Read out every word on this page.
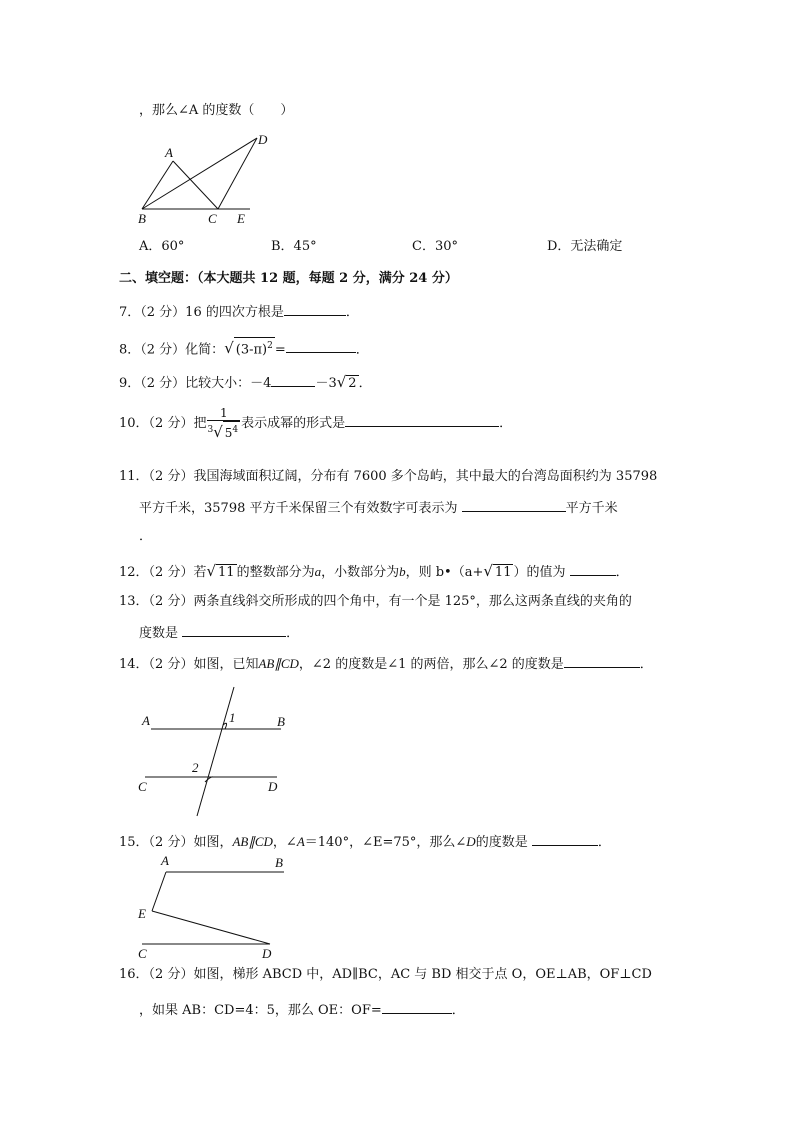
，那么∠A 的度数（　　）
A
D
B	C E
A．60°	B．45°	C．30°	D．无法确定
二、填空题：（本大题共 12 题，每题 2 分，满分 24 分）
7．（2 分）16 的四次方根是	．
8．（2 分）化简：√ $(3-\pi)^2$ =	．
9．（2 分）比较大小：－4	－3√ 2 ．
10．（2 分）把 $\frac{1}{^3√ 5^4}$ 表示成幂的形式是	．
11．（2 分）我国海域面积辽阔，分布有 7600 多个岛屿，其中最大的台湾岛面积约为 35798
平方千米，35798 平方千米保留三个有效数字可表示为	平方千米
．
12．（2 分）若√ 11 的整数部分为a，小数部分为b，则 b•（a+√ 11 ）的值为	．
13．（2 分）两条直线斜交所形成的四个角中，有一个是 125°，那么这两条直线的夹角的
度数是	．
14．（2 分）如图，已知AB∥CD，∠2 的度数是∠1 的两倍，那么∠2 的度数是	．
A	B
1
2
C	D
15．（2 分）如图，AB∥CD，∠A＝140°，∠E=75°，那么∠D的度数是	．
A	B
E
C	D
16．（2 分）如图，梯形 ABCD 中，AD∥BC，AC 与 BD 相交于点 O，OE⊥AB，OF⊥CD
，如果 AB：CD=4：5，那么 OE：OF=	．
